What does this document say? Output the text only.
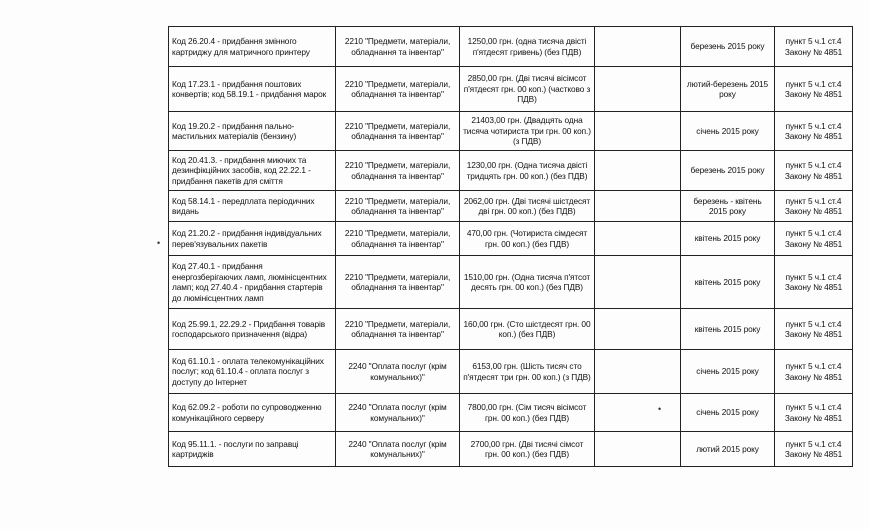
Код 26.20.4 - придбання змінного картриджу для матричного принтеру	2210 "Предмети, матеріали, обладнання та інвентар"	1250,00 грн. (одна тисяча двісті п'ятдесят гривень) (без ПДВ)		березень 2015 року	пункт 5 ч.1 ст.4 Закону № 4851
Код 17.23.1 - придбання поштових конвертів; код 58.19.1 - придбання марок	2210 "Предмети, матеріали, обладнання та інвентар"	2850,00 грн. (Дві тисячі вісімсот п'ятдесят грн. 00 коп.) (частково з ПДВ)		лютий-березень 2015 року	пункт 5 ч.1 ст.4 Закону № 4851
Код 19.20.2 - придбання пально-мастильних матеріалів (бензину)	2210 "Предмети, матеріали, обладнання та інвентар"	21403,00 грн. (Двадцять одна тисяча чотириста три грн. 00 коп.) (з ПДВ)		січень 2015 року	пункт 5 ч.1 ст.4 Закону № 4851
Код 20.41.3. - придбання миючих та дезинфікційних засобів, код 22.22.1 - придбання пакетів для сміття	2210 "Предмети, матеріали, обладнання та інвентар"	1230,00 грн. (Одна тисяча двісті тридцять грн. 00 коп.) (без ПДВ)		березень 2015 року	пункт 5 ч.1 ст.4 Закону № 4851
Код 58.14.1 - передплата періодичних видань	2210 "Предмети, матеріали, обладнання та інвентар"	2062,00 грн. (Дві тисячі шістдесят дві грн. 00 коп.) (без ПДВ)		березень - квітень 2015 року	пункт 5 ч.1 ст.4 Закону № 4851
Код 21.20.2 - придбання індивідуальних перев'язувальних пакетів	2210 "Предмети, матеріали, обладнання та інвентар"	470,00 грн. (Чотириста сімдесят грн. 00 коп.) (без ПДВ)		квітень 2015 року	пункт 5 ч.1 ст.4 Закону № 4851
Код 27.40.1 - придбання енергозберігаючих ламп, люмінісцентних ламп; код 27.40.4 - придбання стартерів до люмінісцентних ламп	2210 "Предмети, матеріали, обладнання та інвентар"	1510,00 грн. (Одна тисяча п'ятсот десять грн. 00 коп.) (без ПДВ)		квітень 2015 року	пункт 5 ч.1 ст.4 Закону № 4851
Код 25.99.1, 22.29.2 - Придбання товарів господарського призначення (відра)	2210 "Предмети, матеріали, обладнання та інвентар"	160,00 грн. (Сто шістдесят грн. 00 коп.) (без ПДВ)		квітень 2015 року	пункт 5 ч.1 ст.4 Закону № 4851
Код 61.10.1 - оплата телекомунікаційних послуг; код 61.10.4 - оплата послуг з доступу до Інтернет	2240 "Оплата послуг (крім комунальних)"	6153,00 грн. (Шість тисяч сто п'ятдесят три грн. 00 коп.) (з ПДВ)		січень 2015 року	пункт 5 ч.1 ст.4 Закону № 4851
Код 62.09.2 - роботи по супроводженню комунікаційного серверу	2240 "Оплата послуг (крім комунальних)"	7800,00 грн. (Сім тисяч вісімсот грн. 00 коп.) (без ПДВ)		січень 2015 року	пункт 5 ч.1 ст.4 Закону № 4851
Код 95.11.1. - послуги по заправці картриджів	2240 "Оплата послуг (крім комунальних)"	2700,00 грн. (Дві тисячі сімсот грн. 00 коп.) (без ПДВ)		лютий 2015 року	пункт 5 ч.1 ст.4 Закону № 4851
•
•
